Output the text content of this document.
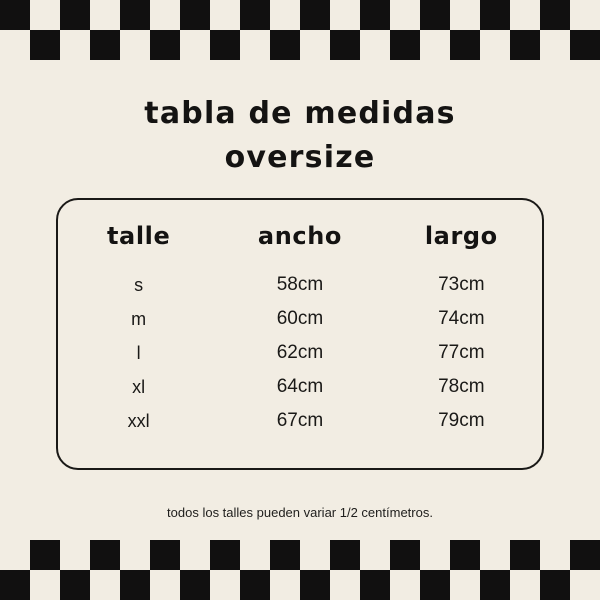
tabla de medidas
oversize
talle	ancho	largo
s	58cm	73cm
m	60cm	74cm
l	62cm	77cm
xl	64cm	78cm
xxl	67cm	79cm
todos los talles pueden variar 1/2 centímetros.
